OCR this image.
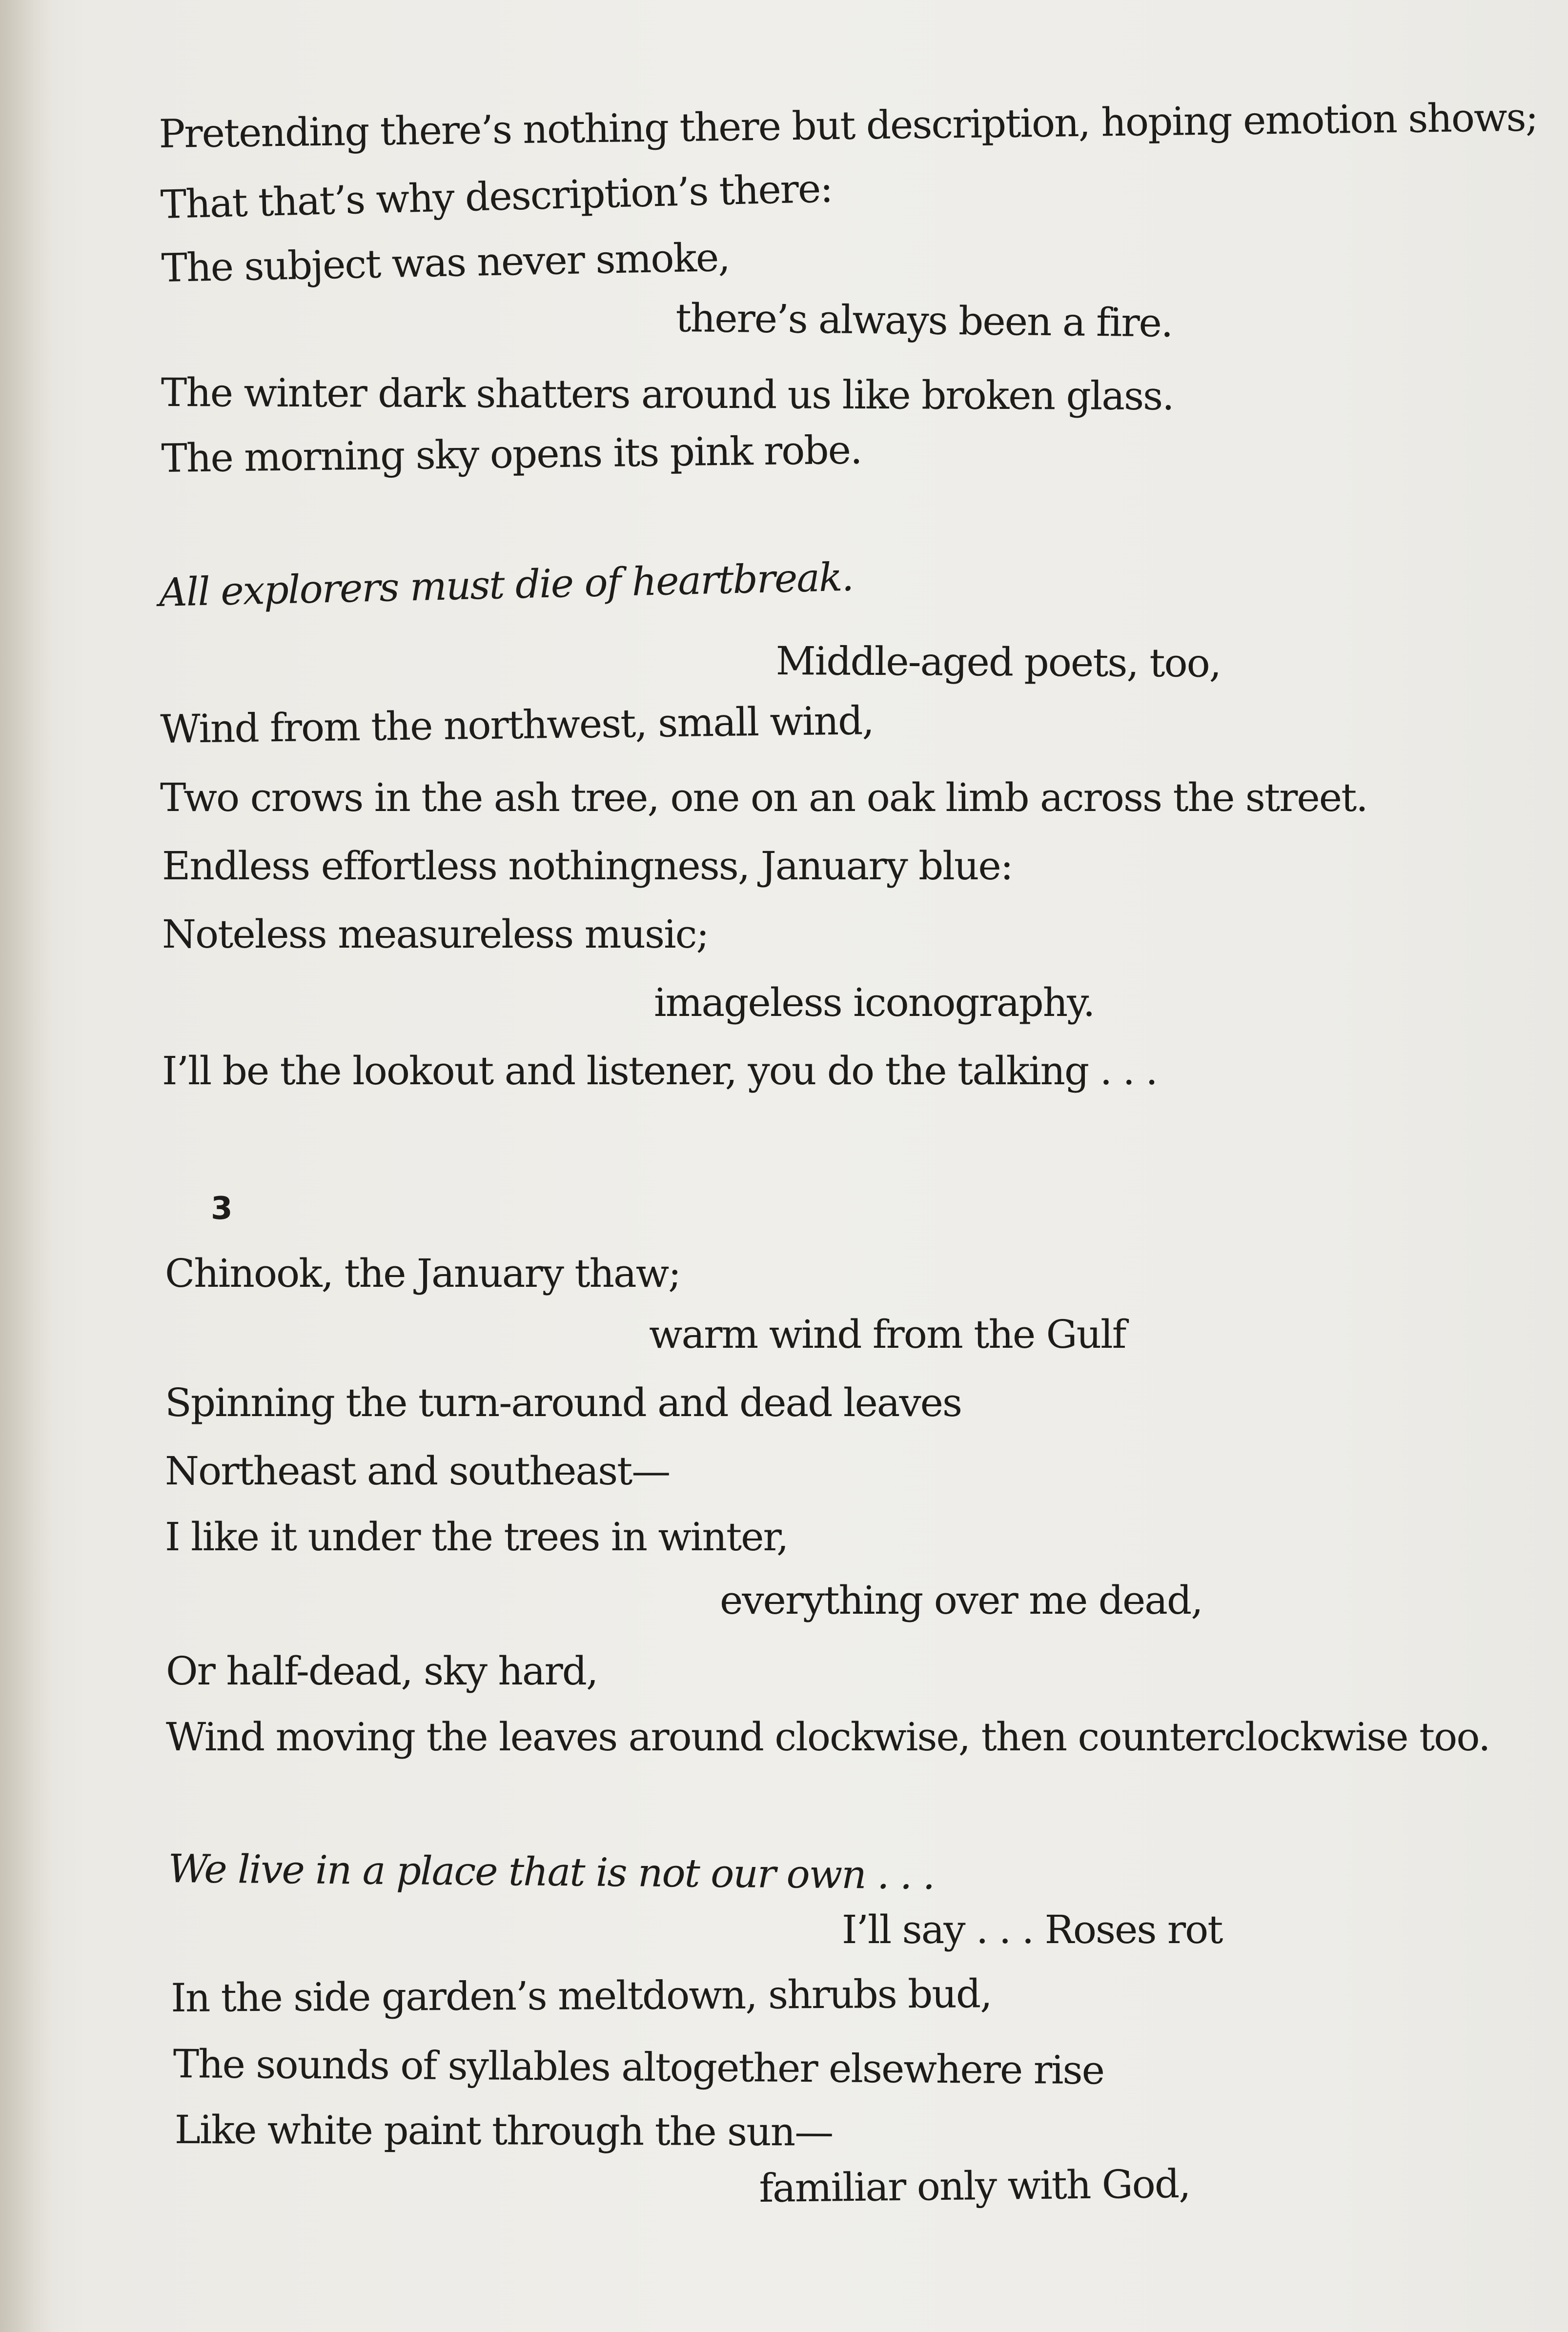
Pretending there’s nothing there but description, hoping emotion shows;
That that’s why description’s there:
The subject was never smoke,
there’s always been a fire.
The winter dark shatters around us like broken glass.
The morning sky opens its pink robe.
All explorers must die of heartbreak.
Middle-aged poets, too,
Wind from the northwest, small wind,
Two crows in the ash tree, one on an oak limb across the street.
Endless effortless nothingness, January blue:
Noteless measureless music;
imageless iconography.
I’ll be the lookout and listener, you do the talking . . .
3
Chinook, the January thaw;
warm wind from the Gulf
Spinning the turn-around and dead leaves
Northeast and southeast—
I like it under the trees in winter,
everything over me dead,
Or half-dead, sky hard,
Wind moving the leaves around clockwise, then counterclockwise too.
We live in a place that is not our own . . .
I’ll say . . . Roses rot
In the side garden’s meltdown, shrubs bud,
The sounds of syllables altogether elsewhere rise
Like white paint through the sun—
familiar only with God,
